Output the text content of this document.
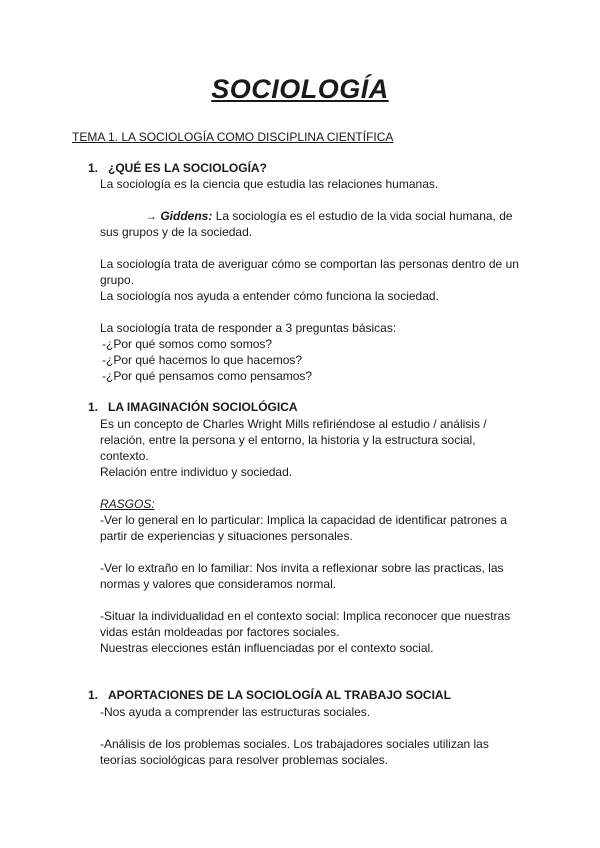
SOCIOLOGÍA

TEMA 1. LA SOCIOLOGÍA COMO DISCIPLINA CIENTÍFICA

1. ¿QUÉ ES LA SOCIOLOGÍA?

La sociología es la ciencia que estudia las relaciones humanas.

→ Giddens: La sociología es el estudio de la vida social humana, de

sus grupos y de la sociedad.

La sociología trata de averiguar cómo se comportan las personas dentro de un

grupo.

La sociología nos ayuda a entender cómo funciona la sociedad.

La sociología trata de responder a 3 preguntas básicas:

-¿Por qué somos como somos?

-¿Por qué hacemos lo que hacemos?

-¿Por qué pensamos como pensamos?

1. LA IMAGINACIÓN SOCIOLÓGICA

Es un concepto de Charles Wright Mills refiriéndose al estudio / análisis /

relación, entre la persona y el entorno, la historia y la estructura social,

contexto.

Relación entre individuo y sociedad.

RASGOS:

-Ver lo general en lo particular: Implica la capacidad de identificar patrones a

partir de experiencias y situaciones personales.

-Ver lo extraño en lo familiar: Nos invita a reflexionar sobre las practicas, las

normas y valores que consideramos normal.

-Situar la individualidad en el contexto social: Implica reconocer que nuestras

vidas están moldeadas por factores sociales.

Nuestras elecciones están influenciadas por el contexto social.

1. APORTACIONES DE LA SOCIOLOGÍA AL TRABAJO SOCIAL

-Nos ayuda a comprender las estructuras sociales.

-Análisis de los problemas sociales. Los trabajadores sociales utilizan las

teorías sociológicas para resolver problemas sociales.
